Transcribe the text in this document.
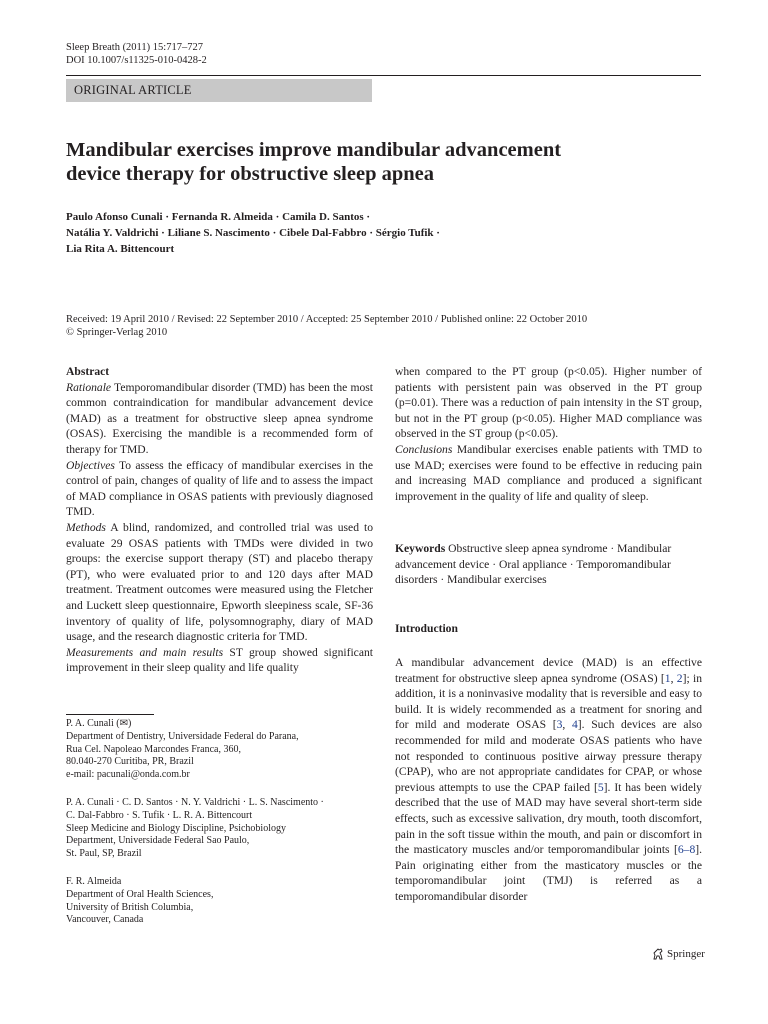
Sleep Breath (2011) 15:717–727
DOI 10.1007/s11325-010-0428-2
ORIGINAL ARTICLE
Mandibular exercises improve mandibular advancement
device therapy for obstructive sleep apnea
Paulo Afonso Cunali · Fernanda R. Almeida · Camila D. Santos ·
Natália Y. Valdrichi · Liliane S. Nascimento · Cibele Dal-Fabbro · Sérgio Tufik ·
Lia Rita A. Bittencourt
Received: 19 April 2010 / Revised: 22 September 2010 / Accepted: 25 September 2010 / Published online: 22 October 2010
© Springer-Verlag 2010

Abstract

Rationale Temporomandibular disorder (TMD) has been the most common contraindication for mandibular advancement device (MAD) as a treatment for obstructive sleep apnea syndrome (OSAS). Exercising the mandible is a recommended form of therapy for TMD.

Objectives To assess the efficacy of mandibular exercises in the control of pain, changes of quality of life and to assess the impact of MAD compliance in OSAS patients with previously diagnosed TMD.

Methods A blind, randomized, and controlled trial was used to evaluate 29 OSAS patients with TMDs were divided in two groups: the exercise support therapy (ST) and placebo therapy (PT), who were evaluated prior to and 120 days after MAD treatment. Treatment outcomes were measured using the Fletcher and Luckett sleep questionnaire, Epworth sleepiness scale, SF-36 inventory of quality of life, polysomnography, diary of MAD usage, and the research diagnostic criteria for TMD.

Measurements and main results ST group showed significant improvement in their sleep quality and life quality

P. A. Cunali (✉)
Department of Dentistry, Universidade Federal do Parana,
Rua Cel. Napoleao Marcondes Franca, 360,
80.040-270 Curitiba, PR, Brazil
e-mail: pacunali@onda.com.br
P. A. Cunali · C. D. Santos · N. Y. Valdrichi · L. S. Nascimento ·
C. Dal-Fabbro · S. Tufik · L. R. A. Bittencourt
Sleep Medicine and Biology Discipline, Psichobiology
Department, Universidade Federal Sao Paulo,
St. Paul, SP, Brazil
F. R. Almeida
Department of Oral Health Sciences,
University of British Columbia,
Vancouver, Canada

when compared to the PT group (p<0.05). Higher number of patients with persistent pain was observed in the PT group (p=0.01). There was a reduction of pain intensity in the ST group, but not in the PT group (p<0.05). Higher MAD compliance was observed in the ST group (p<0.05).

Conclusions Mandibular exercises enable patients with TMD to use MAD; exercises were found to be effective in reducing pain and increasing MAD compliance and produced a significant improvement in the quality of life and quality of sleep.

Keywords Obstructive sleep apnea syndrome · Mandibular advancement device · Oral appliance · Temporomandibular disorders · Mandibular exercises
Introduction

A mandibular advancement device (MAD) is an effective treatment for obstructive sleep apnea syndrome (OSAS) [1, 2]; in addition, it is a noninvasive modality that is reversible and easy to build. It is widely recommended as a treatment for snoring and for mild and moderate OSAS [3, 4]. Such devices are also recommended for mild and moderate OSAS patients who have not responded to continuous positive airway pressure therapy (CPAP), who are not appropriate candidates for CPAP, or whose previous attempts to use the CPAP failed [5]. It has been widely described that the use of MAD may have several short-term side effects, such as excessive salivation, dry mouth, tooth discomfort, pain in the soft tissue within the mouth, and pain or discomfort in the masticatory muscles and/or temporomandibular joints [6–8]. Pain originating either from the masticatory muscles or the temporomandibular joint (TMJ) is referred as a temporomandibular disorder

Springer
